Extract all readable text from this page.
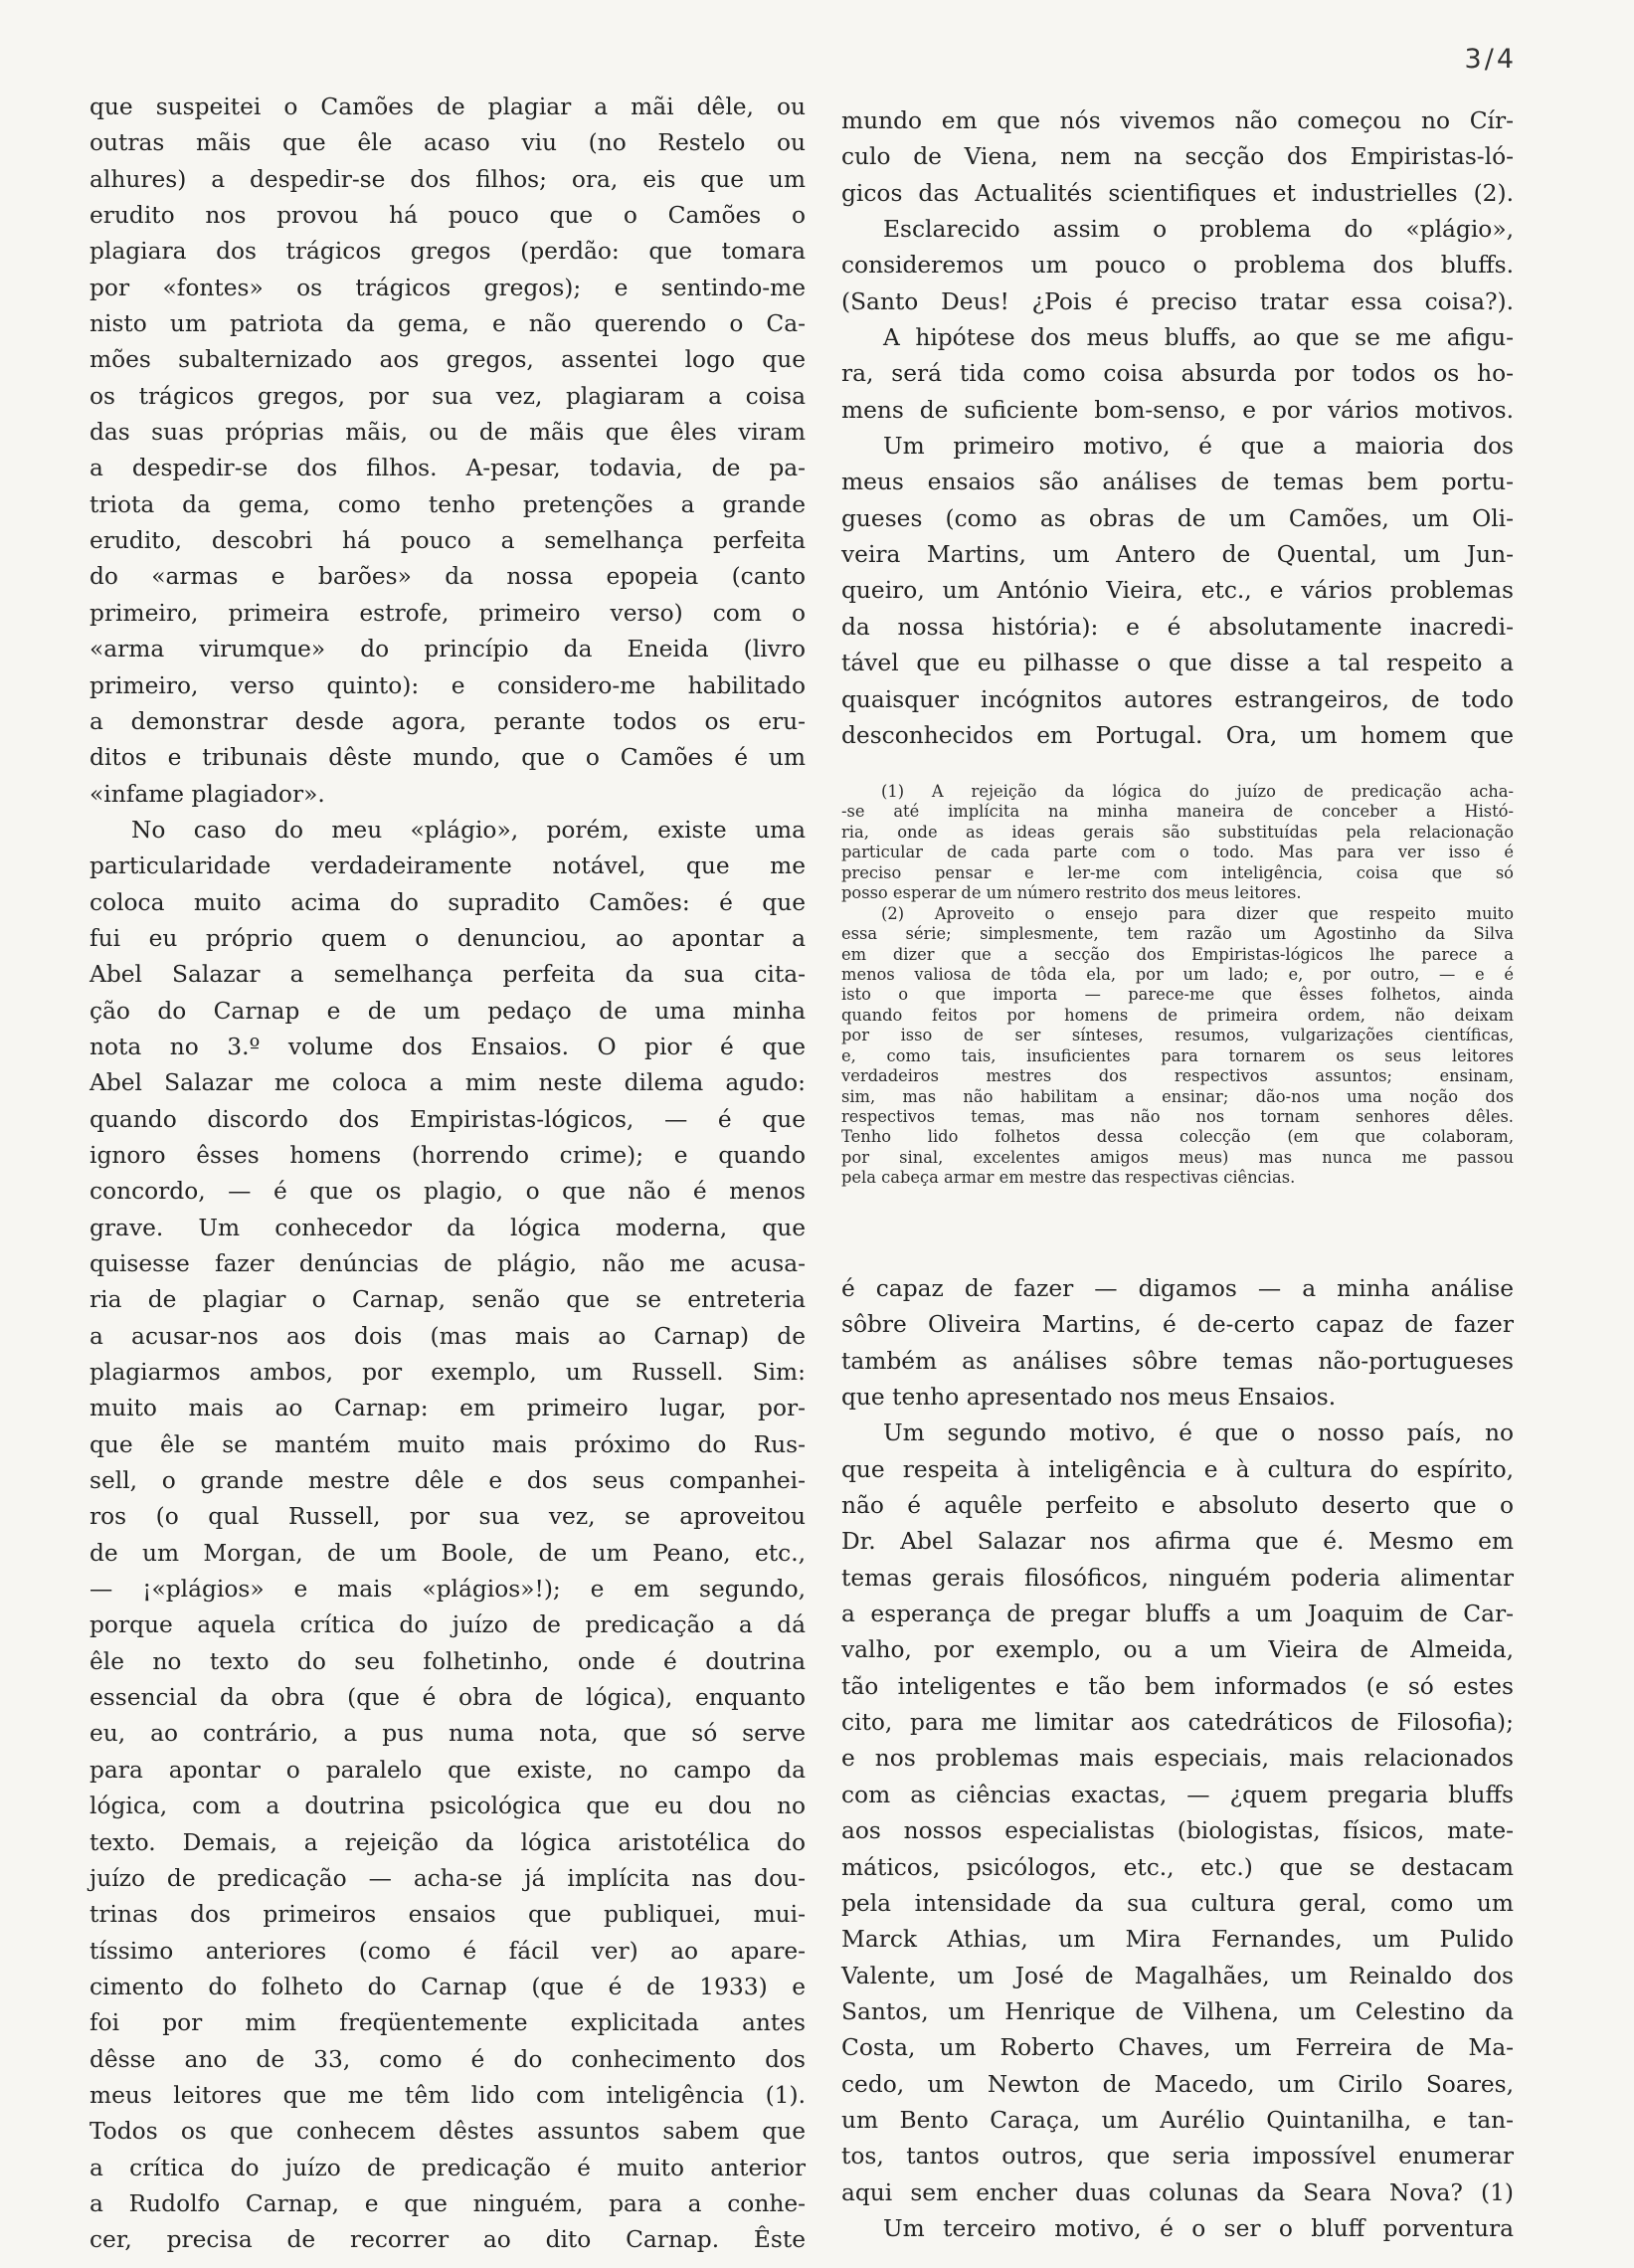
3/4
que suspeitei o Camões de plagiar a mãi dêle, ou
outras mãis que êle acaso viu (no Restelo ou
alhures) a despedir-se dos filhos; ora, eis que um
erudito nos provou há pouco que o Camões o
plagiara dos trágicos gregos (perdão: que tomara
por «fontes» os trágicos gregos); e sentindo-me
nisto um patriota da gema, e não querendo o Ca-
mões subalternizado aos gregos, assentei logo que
os trágicos gregos, por sua vez, plagiaram a coisa
das suas próprias mãis, ou de mãis que êles viram
a despedir-se dos filhos. A-pesar, todavia, de pa-
triota da gema, como tenho pretenções a grande
erudito, descobri há pouco a semelhança perfeita
do «armas e barões» da nossa epopeia (canto
primeiro, primeira estrofe, primeiro verso) com o
«arma virumque» do princípio da Eneida (livro
primeiro, verso quinto): e considero-me habilitado
a demonstrar desde agora, perante todos os eru-
ditos e tribunais dêste mundo, que o Camões é um
«infame plagiador».
No caso do meu «plágio», porém, existe uma
particularidade verdadeiramente notável, que me
coloca muito acima do supradito Camões: é que
fui eu próprio quem o denunciou, ao apontar a
Abel Salazar a semelhança perfeita da sua cita-
ção do Carnap e de um pedaço de uma minha
nota no 3.º volume dos Ensaios. O pior é que
Abel Salazar me coloca a mim neste dilema agudo:
quando discordo dos Empiristas-lógicos, — é que
ignoro êsses homens (horrendo crime); e quando
concordo, — é que os plagio, o que não é menos
grave. Um conhecedor da lógica moderna, que
quisesse fazer denúncias de plágio, não me acusa-
ria de plagiar o Carnap, senão que se entreteria
a acusar-nos aos dois (mas mais ao Carnap) de
plagiarmos ambos, por exemplo, um Russell. Sim:
muito mais ao Carnap: em primeiro lugar, por-
que êle se mantém muito mais próximo do Rus-
sell, o grande mestre dêle e dos seus companhei-
ros (o qual Russell, por sua vez, se aproveitou
de um Morgan, de um Boole, de um Peano, etc.,
— ¡«plágios» e mais «plágios»!); e em segundo,
porque aquela crítica do juízo de predicação a dá
êle no texto do seu folhetinho, onde é doutrina
essencial da obra (que é obra de lógica), enquanto
eu, ao contrário, a pus numa nota, que só serve
para apontar o paralelo que existe, no campo da
lógica, com a doutrina psicológica que eu dou no
texto. Demais, a rejeição da lógica aristotélica do
juízo de predicação — acha-se já implícita nas dou-
trinas dos primeiros ensaios que publiquei, mui-
tíssimo anteriores (como é fácil ver) ao apare-
cimento do folheto do Carnap (que é de 1933) e
foi por mim freqüentemente explicitada antes
dêsse ano de 33, como é do conhecimento dos
meus leitores que me têm lido com inteligência (1).
Todos os que conhecem dêstes assuntos sabem que
a crítica do juízo de predicação é muito anterior
a Rudolfo Carnap, e que ninguém, para a conhe-
cer, precisa de recorrer ao dito Carnap. Êste
mundo em que nós vivemos não começou no Cír-
culo de Viena, nem na secção dos Empiristas-ló-
gicos das Actualités scientifiques et industrielles (2).
Esclarecido assim o problema do «plágio»,
consideremos um pouco o problema dos bluffs.
(Santo Deus! ¿Pois é preciso tratar essa coisa?).
A hipótese dos meus bluffs, ao que se me afigu-
ra, será tida como coisa absurda por todos os ho-
mens de suficiente bom-senso, e por vários motivos.
Um primeiro motivo, é que a maioria dos
meus ensaios são análises de temas bem portu-
gueses (como as obras de um Camões, um Oli-
veira Martins, um Antero de Quental, um Jun-
queiro, um António Vieira, etc., e vários problemas
da nossa história): e é absolutamente inacredi-
tável que eu pilhasse o que disse a tal respeito a
quaisquer incógnitos autores estrangeiros, de todo
desconhecidos em Portugal. Ora, um homem que
(1) A rejeição da lógica do juízo de predicação acha-
-se até implícita na minha maneira de conceber a Histó-
ria, onde as ideas gerais são substituídas pela relacionação
particular de cada parte com o todo. Mas para ver isso é
preciso pensar e ler-me com inteligência, coisa que só
posso esperar de um número restrito dos meus leitores.
(2) Aproveito o ensejo para dizer que respeito muito
essa série; simplesmente, tem razão um Agostinho da Silva
em dizer que a secção dos Empiristas-lógicos lhe parece a
menos valiosa de tôda ela, por um lado; e, por outro, — e é
isto o que importa — parece-me que êsses folhetos, ainda
quando feitos por homens de primeira ordem, não deixam
por isso de ser sínteses, resumos, vulgarizações científicas,
e, como tais, insuficientes para tornarem os seus leitores
verdadeiros mestres dos respectivos assuntos; ensinam,
sim, mas não habilitam a ensinar; dão-nos uma noção dos
respectivos temas, mas não nos tornam senhores dêles.
Tenho lido folhetos dessa colecção (em que colaboram,
por sinal, excelentes amigos meus) mas nunca me passou
pela cabeça armar em mestre das respectivas ciências.
é capaz de fazer — digamos — a minha análise
sôbre Oliveira Martins, é de-certo capaz de fazer
também as análises sôbre temas não-portugueses
que tenho apresentado nos meus Ensaios.
Um segundo motivo, é que o nosso país, no
que respeita à inteligência e à cultura do espírito,
não é aquêle perfeito e absoluto deserto que o
Dr. Abel Salazar nos afirma que é. Mesmo em
temas gerais filosóficos, ninguém poderia alimentar
a esperança de pregar bluffs a um Joaquim de Car-
valho, por exemplo, ou a um Vieira de Almeida,
tão inteligentes e tão bem informados (e só estes
cito, para me limitar aos catedráticos de Filosofia);
e nos problemas mais especiais, mais relacionados
com as ciências exactas, — ¿quem pregaria bluffs
aos nossos especialistas (biologistas, físicos, mate-
máticos, psicólogos, etc., etc.) que se destacam
pela intensidade da sua cultura geral, como um
Marck Athias, um Mira Fernandes, um Pulido
Valente, um José de Magalhães, um Reinaldo dos
Santos, um Henrique de Vilhena, um Celestino da
Costa, um Roberto Chaves, um Ferreira de Ma-
cedo, um Newton de Macedo, um Cirilo Soares,
um Bento Caraça, um Aurélio Quintanilha, e tan-
tos, tantos outros, que seria impossível enumerar
aqui sem encher duas colunas da Seara Nova? (1)
Um terceiro motivo, é o ser o bluff porventura
